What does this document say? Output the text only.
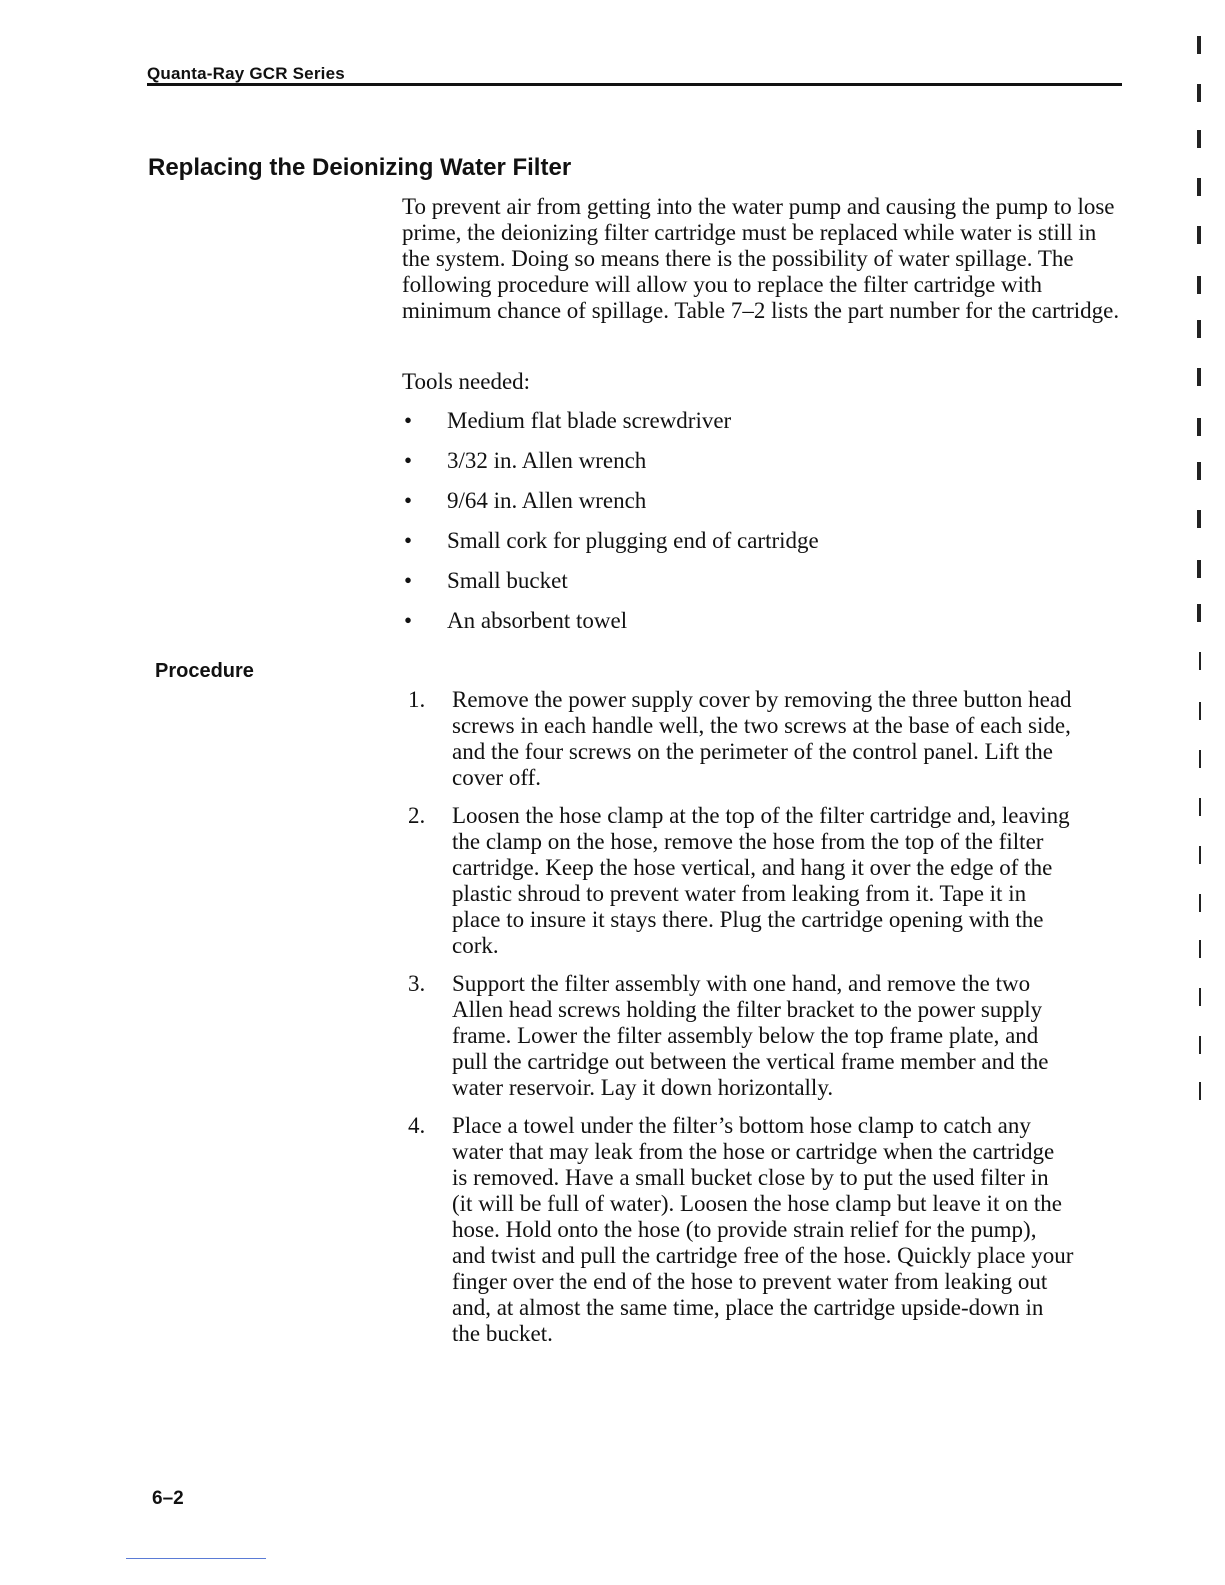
Quanta-Ray GCR Series
Replacing the Deionizing Water Filter

To prevent air from getting into the water pump and causing the pump to lose prime, the deionizing filter cartridge must be replaced while water is still in the system. Doing so means there is the possibility of water spillage. The following procedure will allow you to replace the filter cartridge with minimum chance of spillage. Table 7–2 lists the part number for the cartridge.

Tools needed:

• Medium flat blade screwdriver
• 3/32 in. Allen wrench
• 9/64 in. Allen wrench
• Small cork for plugging end of cartridge
• Small bucket
• An absorbent towel
Procedure
1. Remove the power supply cover by removing the three button head screws in each handle well, the two screws at the base of each side, and the four screws on the perimeter of the control panel. Lift the cover off.
2. Loosen the hose clamp at the top of the filter cartridge and, leaving the clamp on the hose, remove the hose from the top of the filter cartridge. Keep the hose vertical, and hang it over the edge of the plastic shroud to prevent water from leaking from it. Tape it in place to insure it stays there. Plug the cartridge opening with the cork.
3. Support the filter assembly with one hand, and remove the two Allen head screws holding the filter bracket to the power supply frame. Lower the filter assembly below the top frame plate, and pull the cartridge out between the vertical frame member and the water reservoir. Lay it down horizontally.
4. Place a towel under the filter’s bottom hose clamp to catch any water that may leak from the hose or cartridge when the cartridge is removed. Have a small bucket close by to put the used filter in (it will be full of water). Loosen the hose clamp but leave it on the hose. Hold onto the hose (to provide strain relief for the pump), and twist and pull the cartridge free of the hose. Quickly place your finger over the end of the hose to prevent water from leaking out and, at almost the same time, place the cartridge upside-down in the bucket.
6–2
